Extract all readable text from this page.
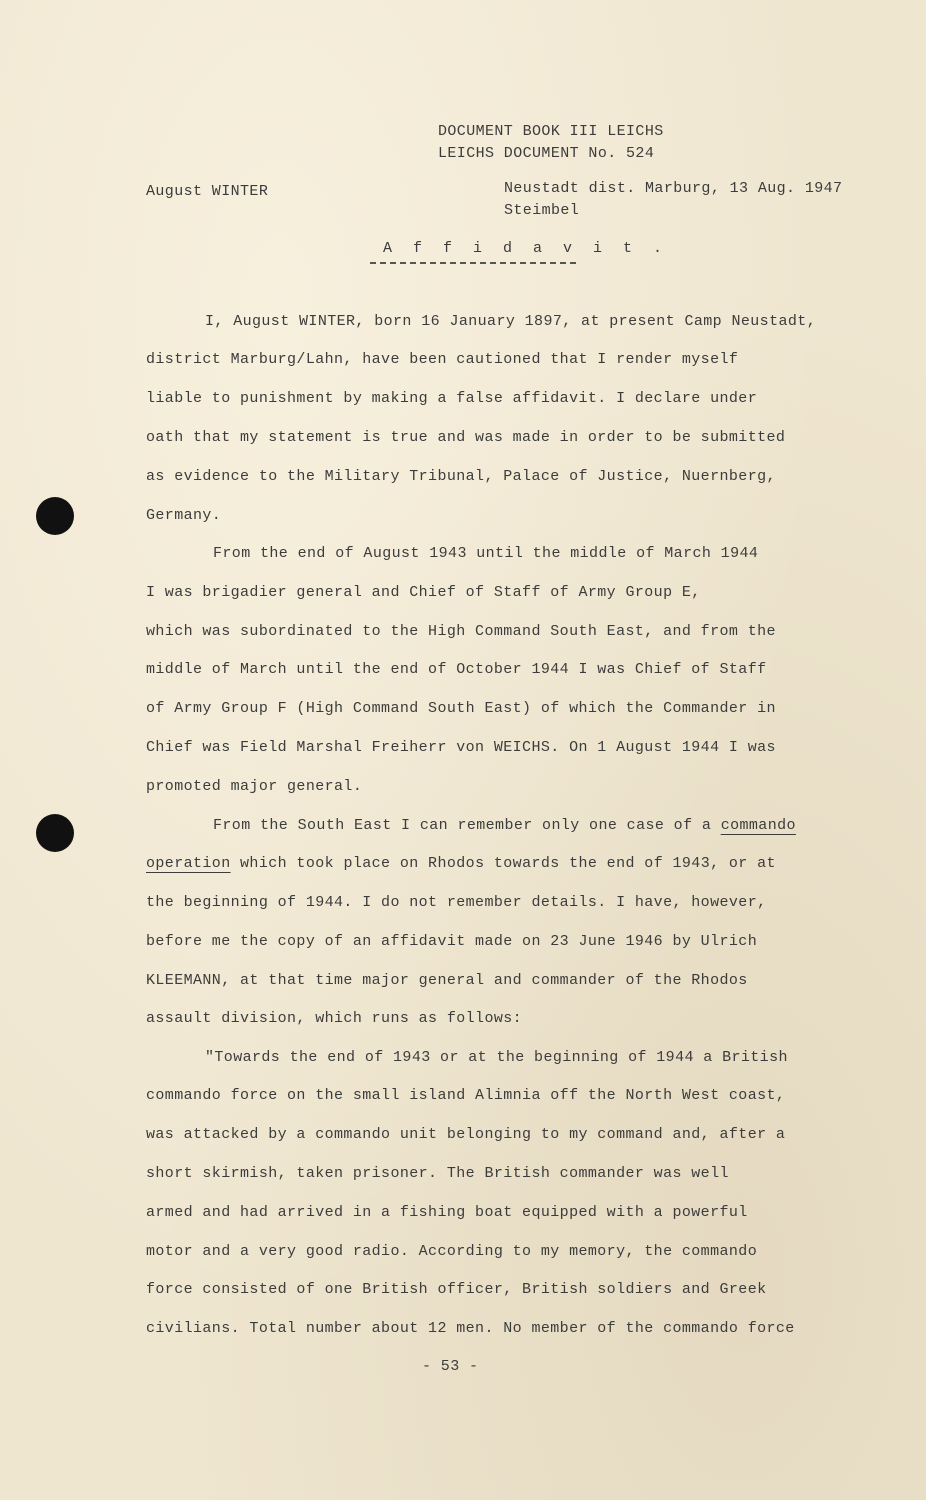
DOCUMENT BOOK III LEICHS
LEICHS DOCUMENT No. 524
August WINTER	Neustadt dist. Marburg, 13 Aug. 1947
Steimbel
A f f i d a v i t .
I, August WINTER, born 16 January 1897, at present Camp Neustadt,
district Marburg/Lahn, have been cautioned that I render myself
liable to punishment by making a false affidavit. I declare under
oath that my statement is true and was made in order to be submitted
as evidence to the Military Tribunal, Palace of Justice, Nuernberg,
Germany.
From the end of August 1943 until the middle of March 1944
I was brigadier general and Chief of Staff of Army Group E,
which was subordinated to the High Command South East, and from the
middle of March until the end of October 1944 I was Chief of Staff
of Army Group F (High Command South East) of which the Commander in
Chief was Field Marshal Freiherr von WEICHS. On 1 August 1944 I was
promoted major general.
From the South East I can remember only one case of a commando
operation which took place on Rhodos towards the end of 1943, or at
the beginning of 1944. I do not remember details. I have, however,
before me the copy of an affidavit made on 23 June 1946 by Ulrich
KLEEMANN, at that time major general and commander of the Rhodos
assault division, which runs as follows:
"Towards the end of 1943 or at the beginning of 1944 a British
commando force on the small island Alimnia off the North West coast,
was attacked by a commando unit belonging to my command and, after a
short skirmish, taken prisoner. The British commander was well
armed and had arrived in a fishing boat equipped with a powerful
motor and a very good radio. According to my memory, the commando
force consisted of one British officer, British soldiers and Greek
civilians. Total number about 12 men. No member of the commando force
- 53 -
